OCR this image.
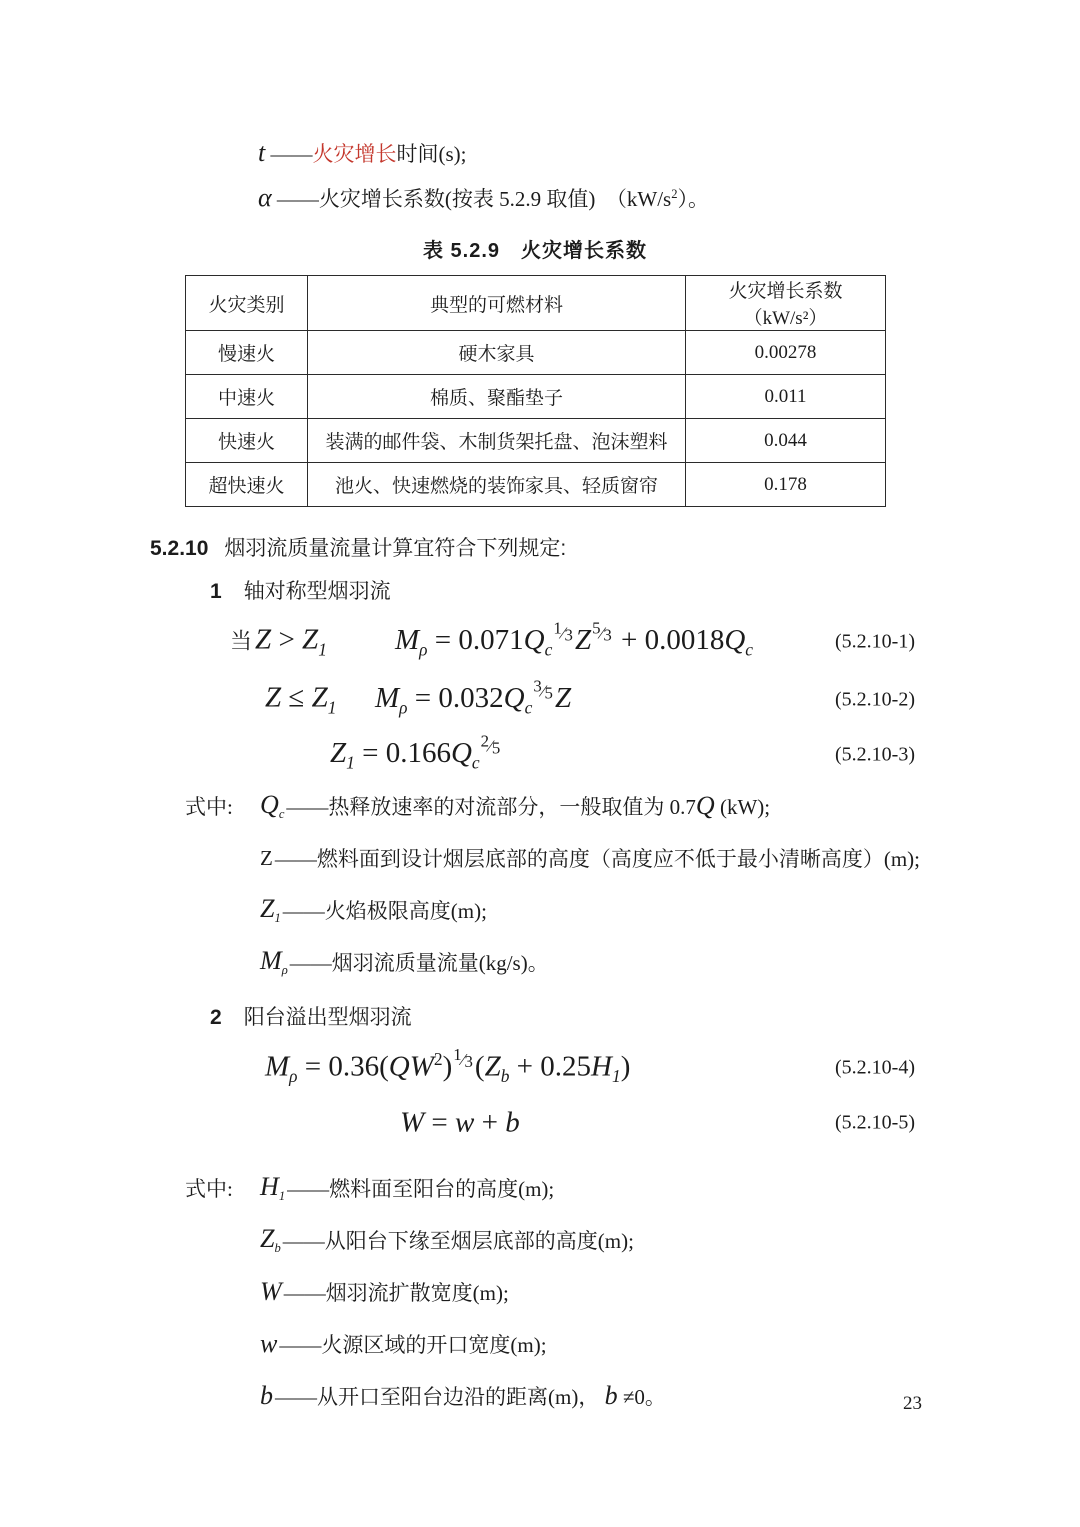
t ——火灾增长时间(s);
α ——火灾增长系数(按表 5.2.9 取值)　$(kW/s^2)$。
表 5.2.9　火灾增长系数
火灾类别	典型的可燃材料	火灾增长系数（kW/s²）
慢速火	硬木家具	0.00278
中速火	棉质、聚酯垫子	0.011
快速火	装满的邮件袋、木制货架托盘、泡沫塑料	0.044
超快速火	池火、快速燃烧的装饰家具、轻质窗帘	0.178
5.2.10 烟羽流质量流量计算宜符合下列规定:
1 轴对称型烟羽流
当 $Z > Z_1$ $M_\rho = 0.071Q_c^{1⁄3}Z^{5⁄3} + 0.0018Q_c$	(5.2.10-1)
$Z \le Z_1$ $M_\rho = 0.032Q_c^{3⁄5}Z$	(5.2.10-2)
$Z_1 = 0.166Q_c^{2⁄5}$	(5.2.10-3)
式中: $Q_c$ ——热释放速率的对流部分，一般取值为 0.7Q (kW);
Z ——燃料面到设计烟层底部的高度（高度应不低于最小清晰高度）(m);
$Z_1$ ——火焰极限高度(m);
$M_\rho$ ——烟羽流质量流量(kg/s)。
2 阳台溢出型烟羽流
$M_\rho = 0.36(QW^2)^{1⁄3}(Z_b + 0.25H_1)$	(5.2.10-4)
W = w + b	(5.2.10-5)
式中: $H_1$ ——燃料面至阳台的高度(m);
$Z_b$ ——从阳台下缘至烟层底部的高度(m);
W ——烟羽流扩散宽度(m);
w ——火源区域的开口宽度(m);
b ——从开口至阳台边沿的距离(m)， b ≠0。	23
